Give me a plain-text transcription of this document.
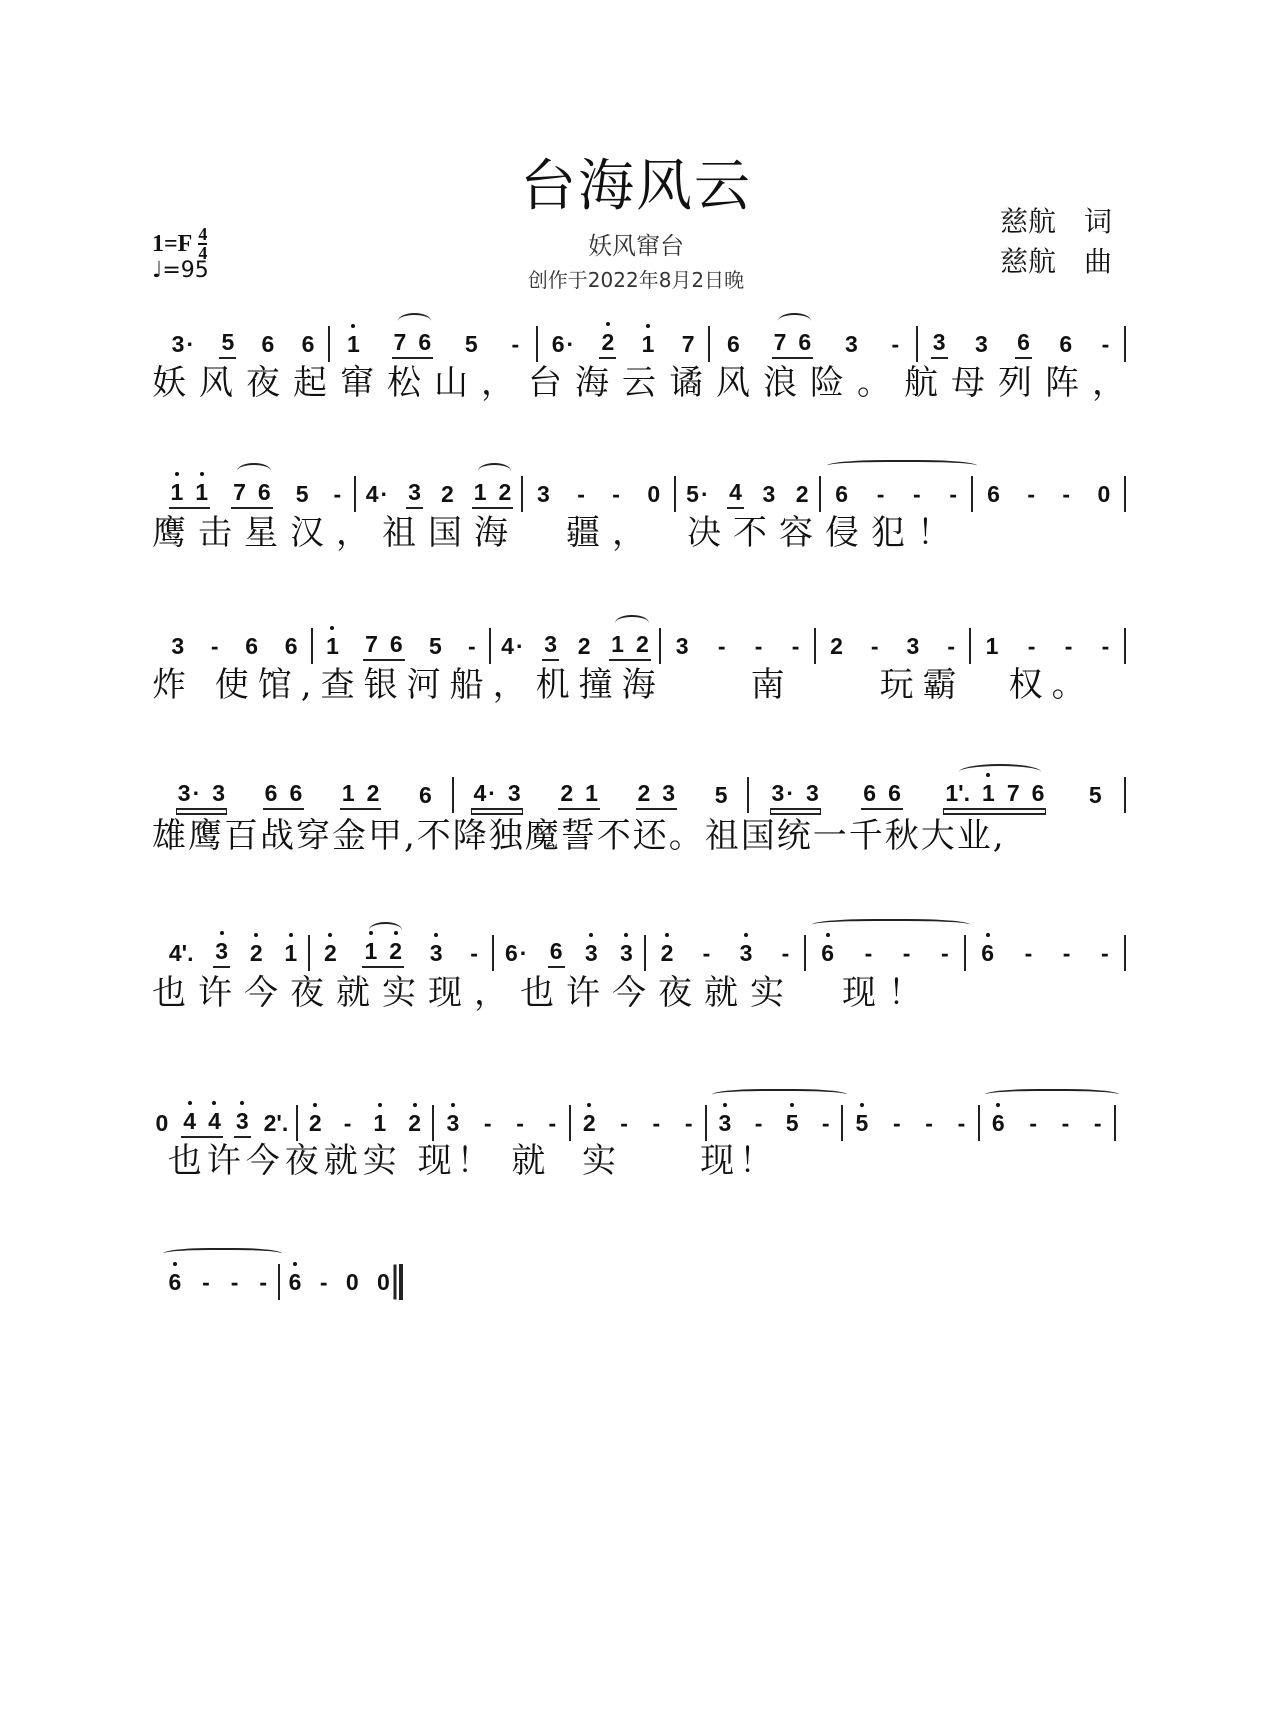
台海风云
妖风窜台
创作于2022年8月2日晚
$1=F \frac{4}{4}$
♩=95
慈航 词
慈航 曲
3· 5 6 6 1 7 6 5 - 6· 2 1 7 6 7 6 3 - 3 3 6 6 -
妖风夜起窜松山，台海云谲风浪险。航母列阵，
1 1 7 6 5 - 4· 3 2 1 2 3 - - 0 5· 4 3 2 6 - - - 6 - - 0
鹰击星汉，祖国海　疆，　决不容侵犯！
3 - 6 6 1 7 6 5 - 4· 3 2 1 2 3 - - - 2 - 3 - 1 - - -
炸 使馆,查银河船，机撞海　　南　　玩霸　权。
3· 3 6 6 1 2 6 4· 3 2 1 2 3 5 3· 3 6 6 1'. 1 7 6 5
雄鹰百战穿金甲,不降独魔誓不还。祖国统一千秋大业,
4'. 3 2 1 2 1 2 3 - 6· 6 3 3 2 - 3 - 6 - - - 6 - - -
也许今夜就实现，也许今夜就实　现！
0 4 4 3 2'. 2 - 1 2 3 - - - 2 - - - 3 - 5 - 5 - - - 6 - - -
也许今夜就实 现！ 就  实     现！
6 - - - 6 - 0 0
